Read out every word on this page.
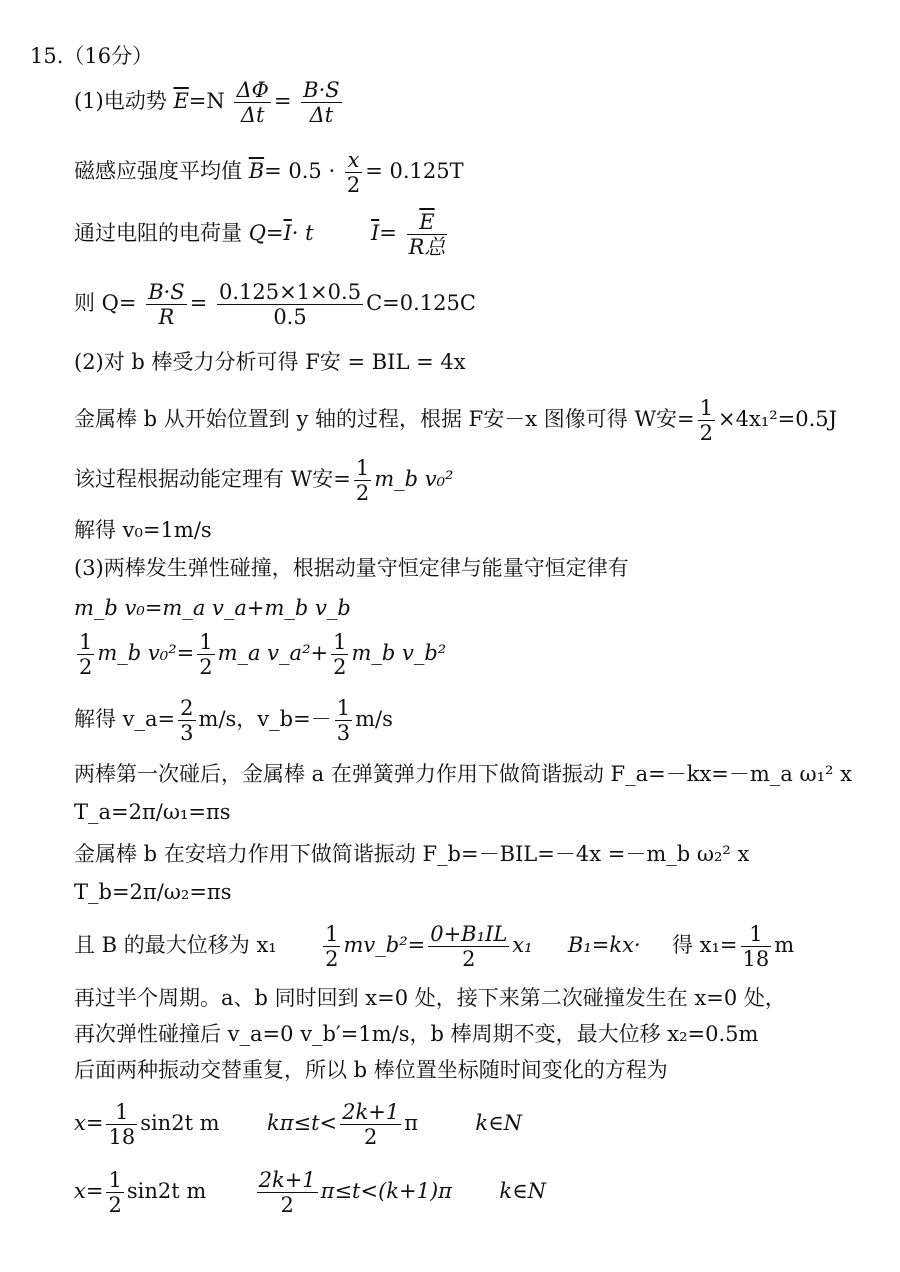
15.（16分）
(1)电动势 $\overline{E}=N \frac{\Delta\Phi}{\Delta t} = \frac{B\cdot S}{\Delta t}$
磁感应强度平均值 $\overline{B}= 0.5 \cdot \frac{x}{2} = 0.125T$
通过电阻的电荷量 $Q=\overline{I}\cdot t$	$\overline{I}= \frac{\overline{E}}{\text{R总}}$
则 $Q= \frac{B\cdot S}{R} = \frac{0.125\times 1\times 0.5}{0.5} C=0.125C$
(2)对 b 棒受力分析可得 F安 = BIL = 4x
金属棒 b 从开始位置到 y 轴的过程，根据 F安－x 图像可得 W安= $\frac{1}{2} \times 4x_1^2=0.5J$
该过程根据动能定理有 W安= $\frac{1}{2}$ m_b v₀²
解得 v₀=1m/s
(3)两棒发生弹性碰撞，根据动量守恒定律与能量守恒定律有
m_b v₀=m_a v_a+m_b v_b
$\frac{1}{2}$ m_b $v_0^2= \frac{1}{2}$ m_a v_a²+ $\frac{1}{2}$ m_b v_b²
解得 v_a= $\frac{2}{3} m/s$，v_b=－ $\frac{1}{3} m/s$
两棒第一次碰后，金属棒 a 在弹簧弹力作用下做简谐振动 F_a=－kx=－m_a ω₁² x
T_a=2π/ω₁=πs
金属棒 b 在安培力作用下做简谐振动 F_b=－BIL=－4x =－m_b ω₂² x
T_b=2π/ω₂=πs
且 B 的最大位移为 $x_1 \frac{1}{2}$ mv_b²= $\frac{\text{0+B₁IL}}{2} x_1$ B₁=kx· 得 $x_1= \frac{1}{18}$ m
再过半个周期。a、b 同时回到 x=0 处，接下来第二次碰撞发生在 x=0 处，
再次弹性碰撞后 v_a=0 v_b′=1m/s，b 棒周期不变，最大位移 x₂=0.5m
后面两种振动交替重复，所以 b 棒位置坐标随时间变化的方程为
$x= \frac{1}{18} \sin 2t$ m $k\pi\le t< \frac{2k+1}{2}$ π	k∈N
$x= \frac{1}{2} \sin 2t$ m $\frac{2k+1}{2} \pi\le t<(k+1)\pi$ k∈N
